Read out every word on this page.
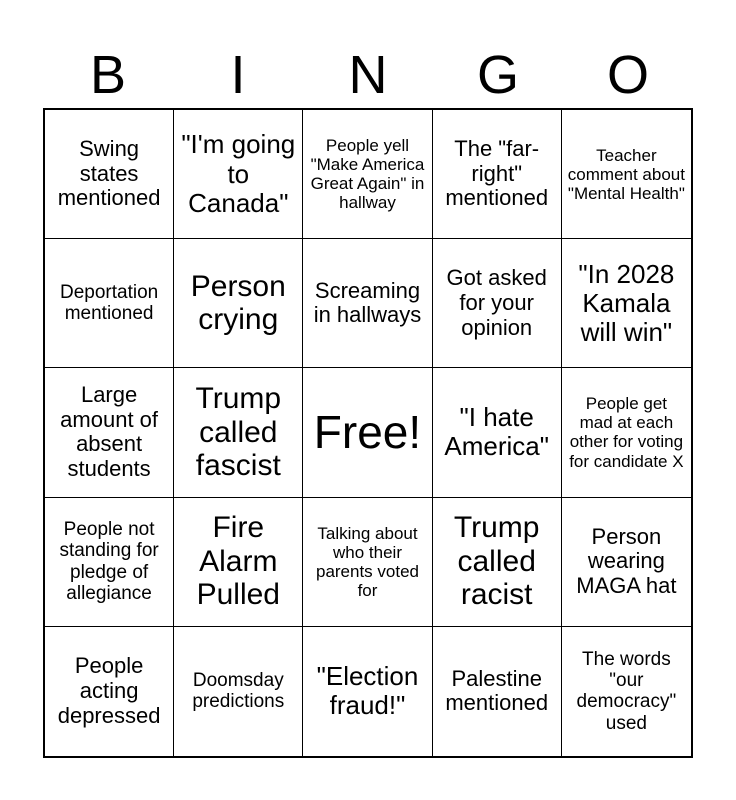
B	I	N	G	O
Swing states mentioned
"I'm going to Canada"
People yell "Make America Great Again" in hallway
The "far-right" mentioned
Teacher comment about "Mental Health"
Deportation mentioned
Person crying
Screaming in hallways
Got asked for your opinion
"In 2028 Kamala will win"
Large amount of absent students
Trump called fascist
Free!	"I hate America"
People get mad at each other for voting for candidate X
People not standing for pledge of allegiance
Fire Alarm Pulled
Talking about who their parents voted for
Trump called racist
Person wearing MAGA hat
People acting depressed
Doomsday predictions
"Election fraud!"
Palestine mentioned
The words "our democracy" used
